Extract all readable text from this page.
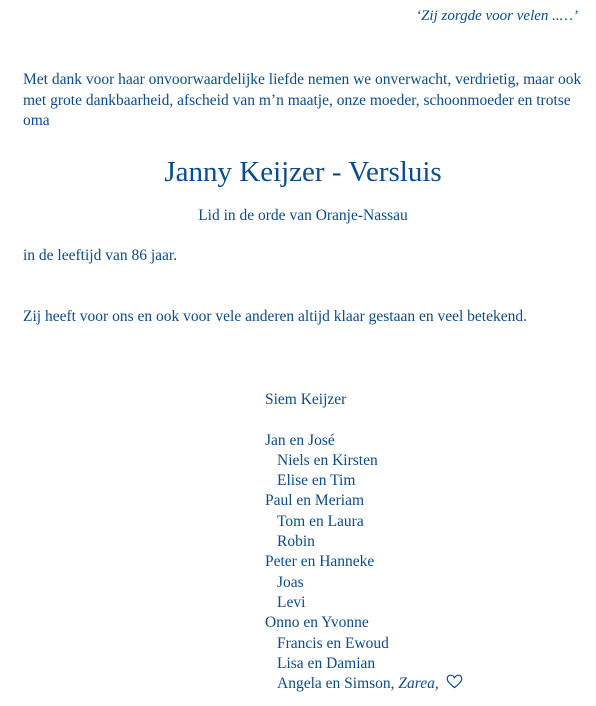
‘Zij zorgde voor velen ..…’
Met dank voor haar onvoorwaardelijke liefde nemen we onverwacht, verdrietig, maar ook met grote dankbaarheid, afscheid van m’n maatje, onze moeder, schoonmoeder en trotse oma
Janny Keijzer - Versluis
Lid in de orde van Oranje-Nassau
in de leeftijd van 86 jaar.
Zij heeft voor ons en ook voor vele anderen altijd klaar gestaan en veel betekend.
Siem Keijzer
Jan en José
Niels en Kirsten
Elise en Tim
Paul en Meriam
Tom en Laura
Robin
Peter en Hanneke
Joas
Levi
Onno en Yvonne
Francis en Ewoud
Lisa en Damian
Angela en Simson, Zarea,
